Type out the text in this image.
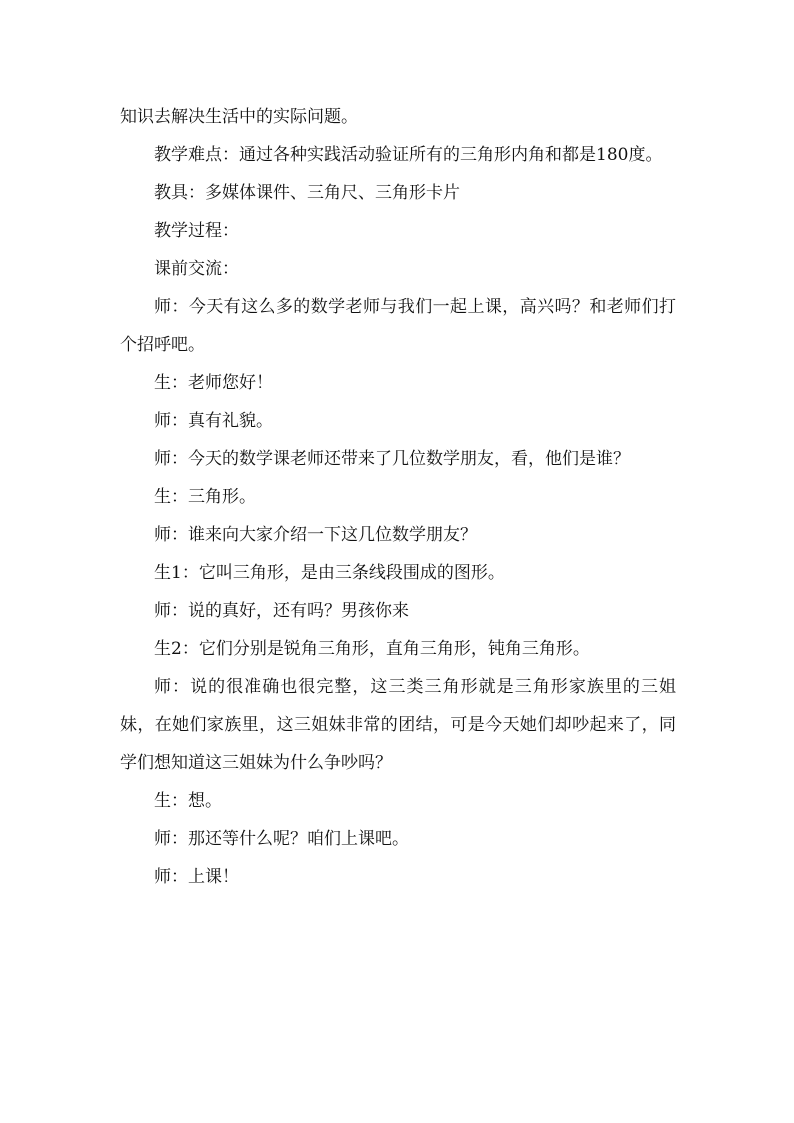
知识去解决生活中的实际问题。

教学难点：通过各种实践活动验证所有的三角形内角和都是180度。

教具：多媒体课件、三角尺、三角形卡片

教学过程：

课前交流：

师：今天有这么多的数学老师与我们一起上课，高兴吗？和老师们打个招呼吧。

生：老师您好！

师：真有礼貌。

师：今天的数学课老师还带来了几位数学朋友，看，他们是谁？

生：三角形。

师：谁来向大家介绍一下这几位数学朋友？

生1：它叫三角形，是由三条线段围成的图形。

师：说的真好，还有吗？男孩你来

生2：它们分别是锐角三角形，直角三角形，钝角三角形。

师：说的很准确也很完整，这三类三角形就是三角形家族里的三姐妹，在她们家族里，这三姐妹非常的团结，可是今天她们却吵起来了，同学们想知道这三姐妹为什么争吵吗？

生：想。

师：那还等什么呢？咱们上课吧。

师：上课！
